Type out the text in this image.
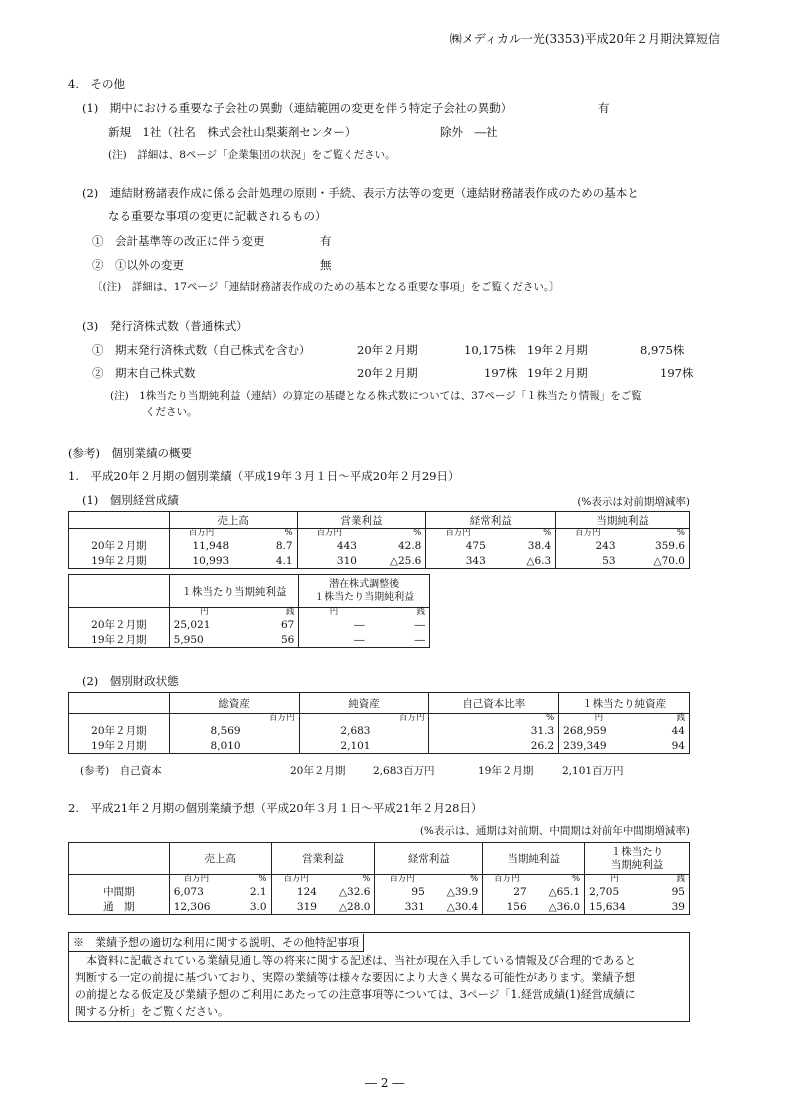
㈱メディカル一光(3353)平成20年２月期決算短信
4.　その他
(1)　期中における重要な子会社の異動（連結範囲の変更を伴う特定子会社の異動）	有
新規　1社（社名　株式会社山梨薬剤センター）	除外　―社
(注)　詳細は、8ページ「企業集団の状況」をご覧ください。
(2)　連結財務諸表作成に係る会計処理の原則・手続、表示方法等の変更（連結財務諸表作成のための基本と
なる重要な事項の変更に記載されるもの）
①　会計基準等の改正に伴う変更	有
②　①以外の変更	無
〔(注)　詳細は、17ページ「連結財務諸表作成のための基本となる重要な事項」をご覧ください。〕
(3)　発行済株式数（普通株式）
①　期末発行済株式数（自己株式を含む）	20年２月期	10,175株 19年２月期	8,975株
②　期末自己株式数	20年２月期	197株 19年２月期	197株
(注)　1株当たり当期純利益（連結）の算定の基礎となる株式数については、37ページ「１株当たり情報」をご覧
ください。
(参考)　個別業績の概要
1.　平成20年２月期の個別業績（平成19年３月１日～平成20年２月29日）
(1)　個別経営成績	(%表示は対前期増減率)
	売上高		営業利益		経常利益		当期純利益	
	百万円	%	百万円	%	百万円	%	百万円	%
20年２月期	11,948	8.7	443	42.8	475	38.4	243	359.6
19年２月期	10,993	4.1	310	△25.6	343	△6.3	53	△70.0
	１株当たり当期純利益		潜在株式調整後
１株当たり当期純利益	
	円	銭	円	銭
20年２月期	25,021	67	―	―
19年２月期	5,950	56	―	―
(2)　個別財政状態
	総資産	純資産	自己資本比率	１株当たり純資産	
	百万円	百万円	%	円	銭
20年２月期	8,569	2,683	31.3	268,959	44
19年２月期	8,010	2,101	26.2	239,349	94
(参考)　自己資本	20年２月期	2,683百万円	19年２月期	2,101百万円
2.　平成21年２月期の個別業績予想（平成20年３月１日～平成21年２月28日）
(%表示は、通期は対前期、中間期は対前年中間期増減率)
	売上高		営業利益		経常利益		当期純利益		１株当たり
当期純利益	
	百万円	%	百万円	%	百万円	%	百万円	%	円	銭
中間期	6,073	2.1	124	△32.6	95	△39.9	27	△65.1	2,705	95
通　期	12,306	3.0	319	△28.0	331	△30.4	156	△36.0	15,634	39
※　業績予想の適切な利用に関する説明、その他特記事項
　本資料に記載されている業績見通し等の将来に関する記述は、当社が現在入手している情報及び合理的であると
判断する一定の前提に基づいており、実際の業績等は様々な要因により大きく異なる可能性があります。業績予想
の前提となる仮定及び業績予想のご利用にあたっての注意事項等については、3ページ「1.経営成績(1)経営成績に
関する分析」をご覧ください。
― 2 ―
